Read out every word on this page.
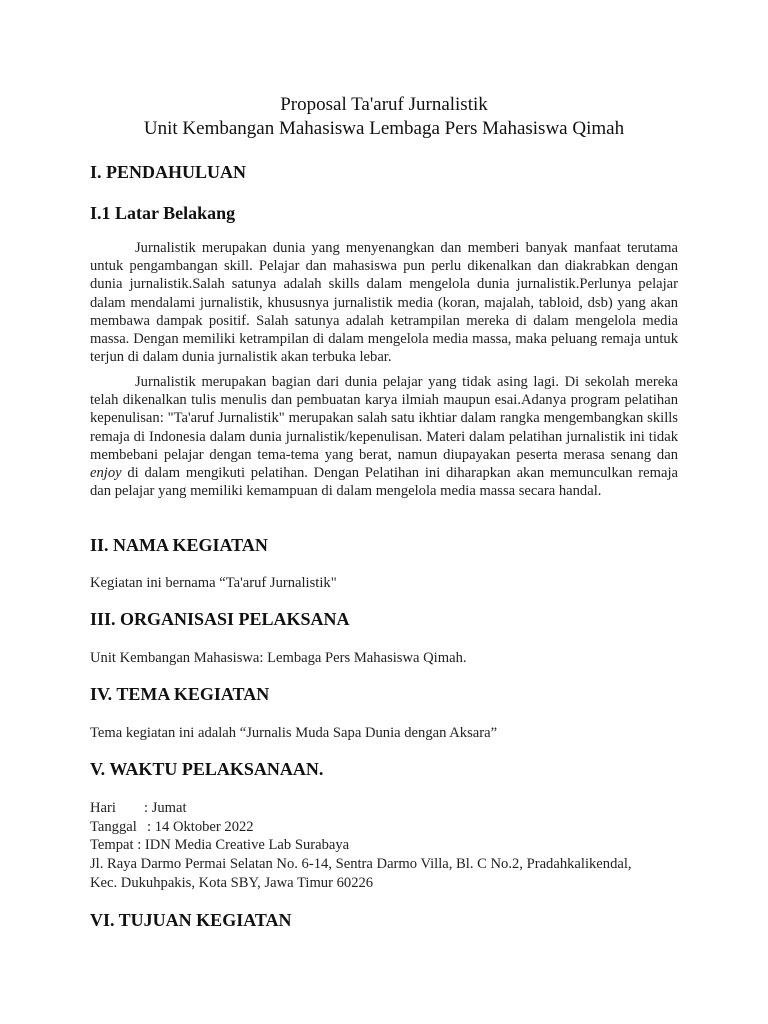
Proposal Ta'aruf Jurnalistik
Unit Kembangan Mahasiswa Lembaga Pers Mahasiswa Qimah
I. PENDAHULUAN
I.1 Latar Belakang
Jurnalistik merupakan dunia yang menyenangkan dan memberi banyak manfaat terutama untuk pengambangan skill. Pelajar dan mahasiswa pun perlu dikenalkan dan diakrabkan dengan dunia jurnalistik.Salah satunya adalah skills dalam mengelola dunia jurnalistik.Perlunya pelajar dalam mendalami jurnalistik, khususnya jurnalistik media (koran, majalah, tabloid, dsb) yang akan membawa dampak positif. Salah satunya adalah ketrampilan mereka di dalam mengelola media massa. Dengan memiliki ketrampilan di dalam mengelola media massa, maka peluang remaja untuk terjun di dalam dunia jurnalistik akan terbuka lebar.
Jurnalistik merupakan bagian dari dunia pelajar yang tidak asing lagi. Di sekolah mereka telah dikenalkan tulis menulis dan pembuatan karya ilmiah maupun esai.Adanya program pelatihan kepenulisan: "Ta'aruf Jurnalistik" merupakan salah satu ikhtiar dalam rangka mengembangkan skills remaja di Indonesia dalam dunia jurnalistik/kepenulisan. Materi dalam pelatihan jurnalistik ini tidak membebani pelajar dengan tema-tema yang berat, namun diupayakan peserta merasa senang dan enjoy di dalam mengikuti pelatihan. Dengan Pelatihan ini diharapkan akan memunculkan remaja dan pelajar yang memiliki kemampuan di dalam mengelola media massa secara handal.
II. NAMA KEGIATAN

Kegiatan ini bernama “Ta'aruf Jurnalistik"

III. ORGANISASI PELAKSANA

Unit Kembangan Mahasiswa: Lembaga Pers Mahasiswa Qimah.

IV. TEMA KEGIATAN

Tema kegiatan ini adalah “Jurnalis Muda Sapa Dunia dengan Aksara”

V. WAKTU PELAKSANAAN.

Hari : Jumat

Tanggal : 14 Oktober 2022

Tempat : IDN Media Creative Lab Surabaya

Jl. Raya Darmo Permai Selatan No. 6-14, Sentra Darmo Villa, Bl. C No.2, Pradahkalikendal,

Kec. Dukuhpakis, Kota SBY, Jawa Timur 60226

VI. TUJUAN KEGIATAN
